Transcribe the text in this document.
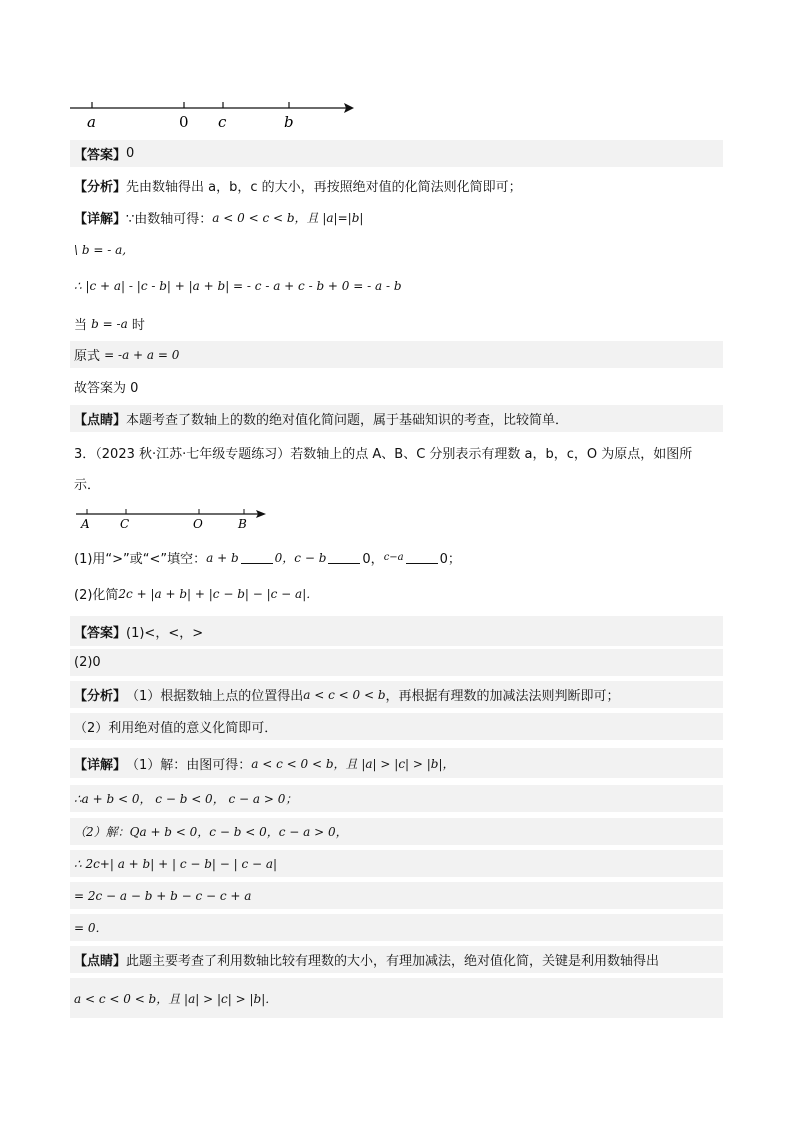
a	0 c	b
【答案】 0
【分析】 先由数轴得出 a，b，c 的大小，再按照绝对值的化简法则化简即可；
【详解】 ∵由数轴可得： a < 0 < c < b，且 |a|=|b|
\ b = - a,
∴ |c + a| - |c - b| + |a + b| = - c - a + c - b + 0 = - a - b
当
b = -a
时
原式
= -a + a = 0
故答案为 0
【点睛】 本题考查了数轴上的数的绝对值化简问题，属于基础知识的考查，比较简单．
3．（2023 秋·江苏·七年级专题练习）若数轴上的点 A、B、C 分别表示有理数 a，b，c，O 为原点，如图所
示．
A	C	O	B
(1)用“>”或“<”填空： a + b	0，c − b	0， c−a	0；
(2)化简 2c + |a + b| + |c − b| − |c − a|．
【答案】 (1)<，<，>
(2)0
【分析】 （1）根据数轴上点的位置得出 a < c < 0 < b ，再根据有理数的加减法法则判断即可；
（2）利用绝对值的意义化简即可．
【详解】 （1）解：由图可得： a < c < 0 < b，且 |a| > |c| > |b|，
∴a + b < 0， c − b < 0， c − a > 0；
（2）解：Qa + b < 0，c − b < 0，c − a > 0，
∴ 2c+| a + b| + | c − b| − | c − a|
= 2c − a − b + b − c − c + a
= 0．
【点睛】 此题主要考查了利用数轴比较有理数的大小，有理加减法，绝对值化简，关键是利用数轴得出
a < c < 0 < b，且 |a| > |c| > |b|．
